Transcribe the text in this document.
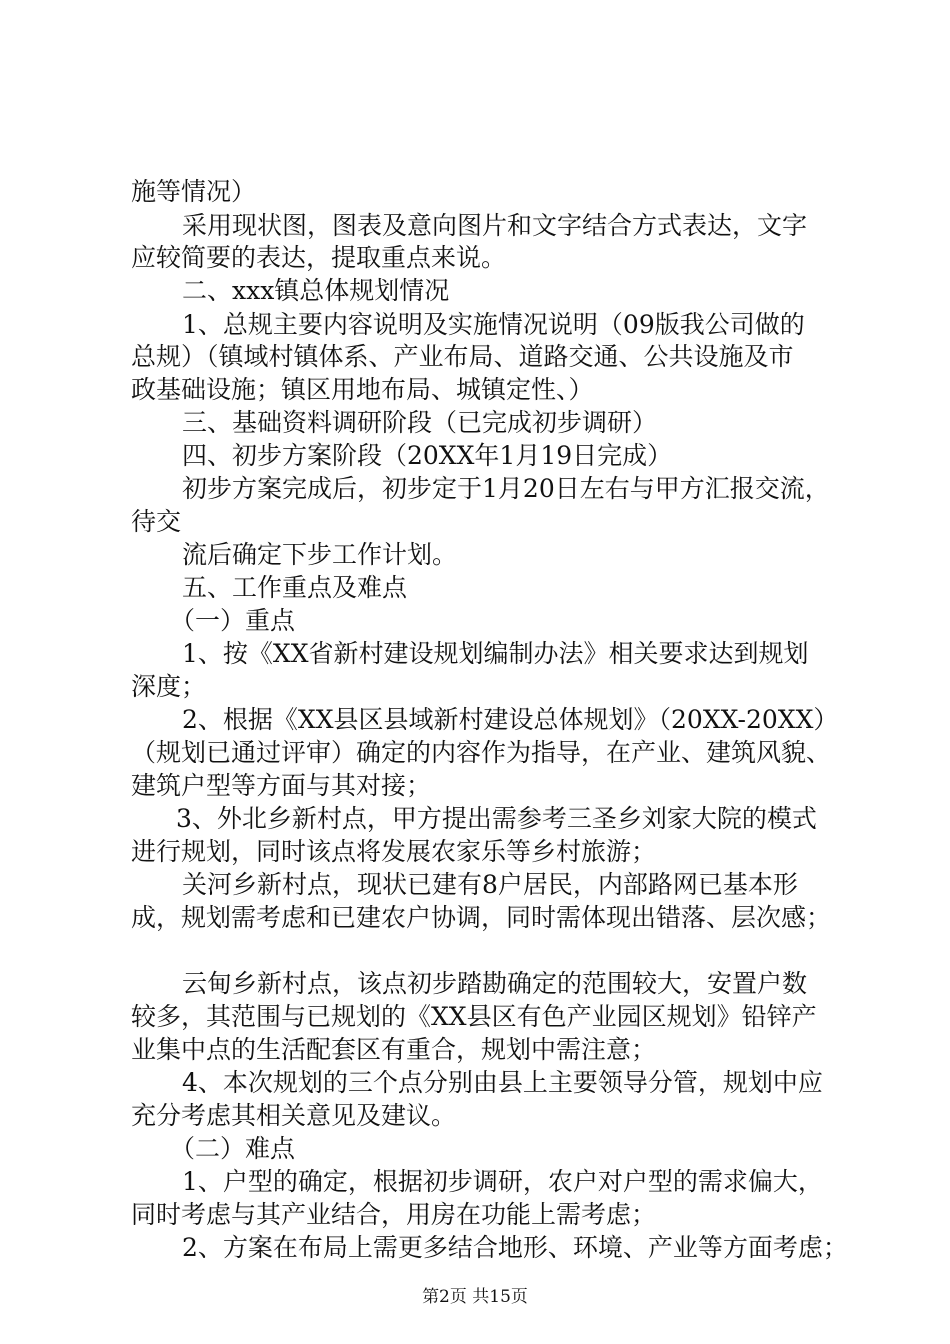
施等情况）
采用现状图，图表及意向图片和文字结合方式表达，文字
应较简要的表达，提取重点来说。
二、xxx镇总体规划情况
1、总规主要内容说明及实施情况说明（09版我公司做的
总规）（镇域村镇体系、产业布局、道路交通、公共设施及市
政基础设施；镇区用地布局、城镇定性、）
三、基础资料调研阶段（已完成初步调研）
四、初步方案阶段（20XX年1月19日完成）
初步方案完成后，初步定于1月20日左右与甲方汇报交流，
待交
流后确定下步工作计划。
五、工作重点及难点
（一）重点
1、按《XX省新村建设规划编制办法》相关要求达到规划
深度；
2、根据《XX县区县域新村建设总体规划》（20XX-20XX）
（规划已通过评审）确定的内容作为指导，在产业、建筑风貌、
建筑户型等方面与其对接；
3、外北乡新村点，甲方提出需参考三圣乡刘家大院的模式
进行规划，同时该点将发展农家乐等乡村旅游；
关河乡新村点，现状已建有8户居民，内部路网已基本形
成，规划需考虑和已建农户协调，同时需体现出错落、层次感；
云甸乡新村点，该点初步踏勘确定的范围较大，安置户数
较多，其范围与已规划的《XX县区有色产业园区规划》铅锌产
业集中点的生活配套区有重合，规划中需注意；
4、本次规划的三个点分别由县上主要领导分管，规划中应
充分考虑其相关意见及建议。
（二）难点
1、户型的确定，根据初步调研，农户对户型的需求偏大，
同时考虑与其产业结合，用房在功能上需考虑；
2、方案在布局上需更多结合地形、环境、产业等方面考虑；
第2页 共15页
